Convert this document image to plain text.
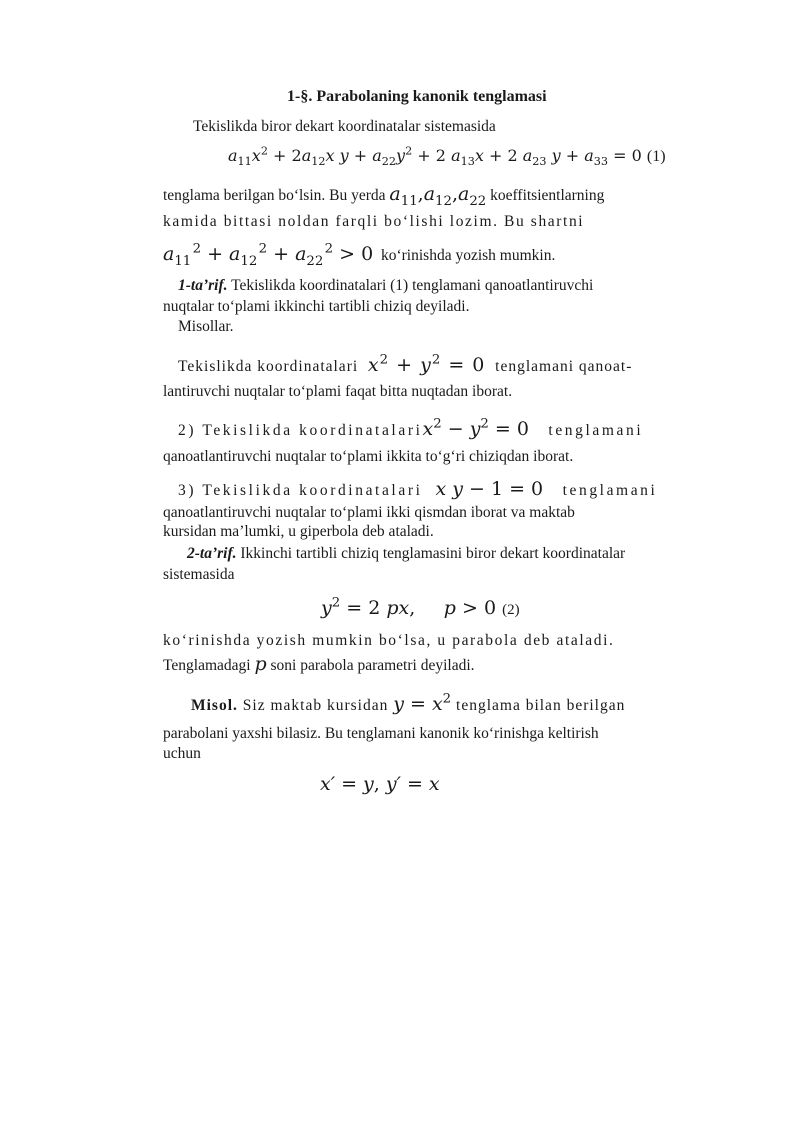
1-§. Parabolaning kanonik tenglamasi
Tekislikda biror dekart koordinatalar sistemasida
$a_{11}x^2 + 2a_{12}x$ $y + a_{22}y^2 + 2$ $a_{13}x + 2$ $a_{23}$ $y + a_{33} = 0$ (1)
tenglama berilgan bo‘lsin. Bu yerda $a_{11},a_{12},a_{22}$ koeffitsientlarning
kamida bittasi noldan farqli bo‘lishi lozim. Bu shartni
$a_{11}$ $^2 + a_{12}$ $^2 + a_{22}$ $^2$ > 0 ko‘rinishda yozish mumkin.
1-ta’rif. Tekislikda koordinatalari (1) tenglamani qanoatlantiruvchi
nuqtalar to‘plami ikkinchi tartibli chiziq deyiladi.
Misollar.
Tekislikda koordinatalari $x^2 + y^2 = 0$ tenglamani qanoat-
lantiruvchi nuqtalar to‘plami faqat bitta nuqtadan iborat.
2) Tekislikda koordinatalarix$^2$ − $y^2 = 0$ tenglamani
qanoatlantiruvchi nuqtalar to‘plami ikkita to‘g‘ri chiziqdan iborat.
3) Tekislikda koordinatalari x y − 1 = 0 tenglamani
qanoatlantiruvchi nuqtalar to‘plami ikki qismdan iborat va maktab
kursidan ma’lumki, u giperbola deb ataladi.
2-ta’rif. Ikkinchi tartibli chiziq tenglamasini biror dekart koordinatalar
sistemasida
$y^2 = 2$ px, p > 0 (2)
ko‘rinishda yozish mumkin bo‘lsa, u parabola deb ataladi.
Tenglamadagi p soni parabola parametri deyiladi.
Misol. Siz maktab kursidan $y = x^2$ tenglama bilan berilgan
parabolani yaxshi bilasiz. Bu tenglamani kanonik ko‘rinishga keltirish
uchun
x′ = y, y′ = x
